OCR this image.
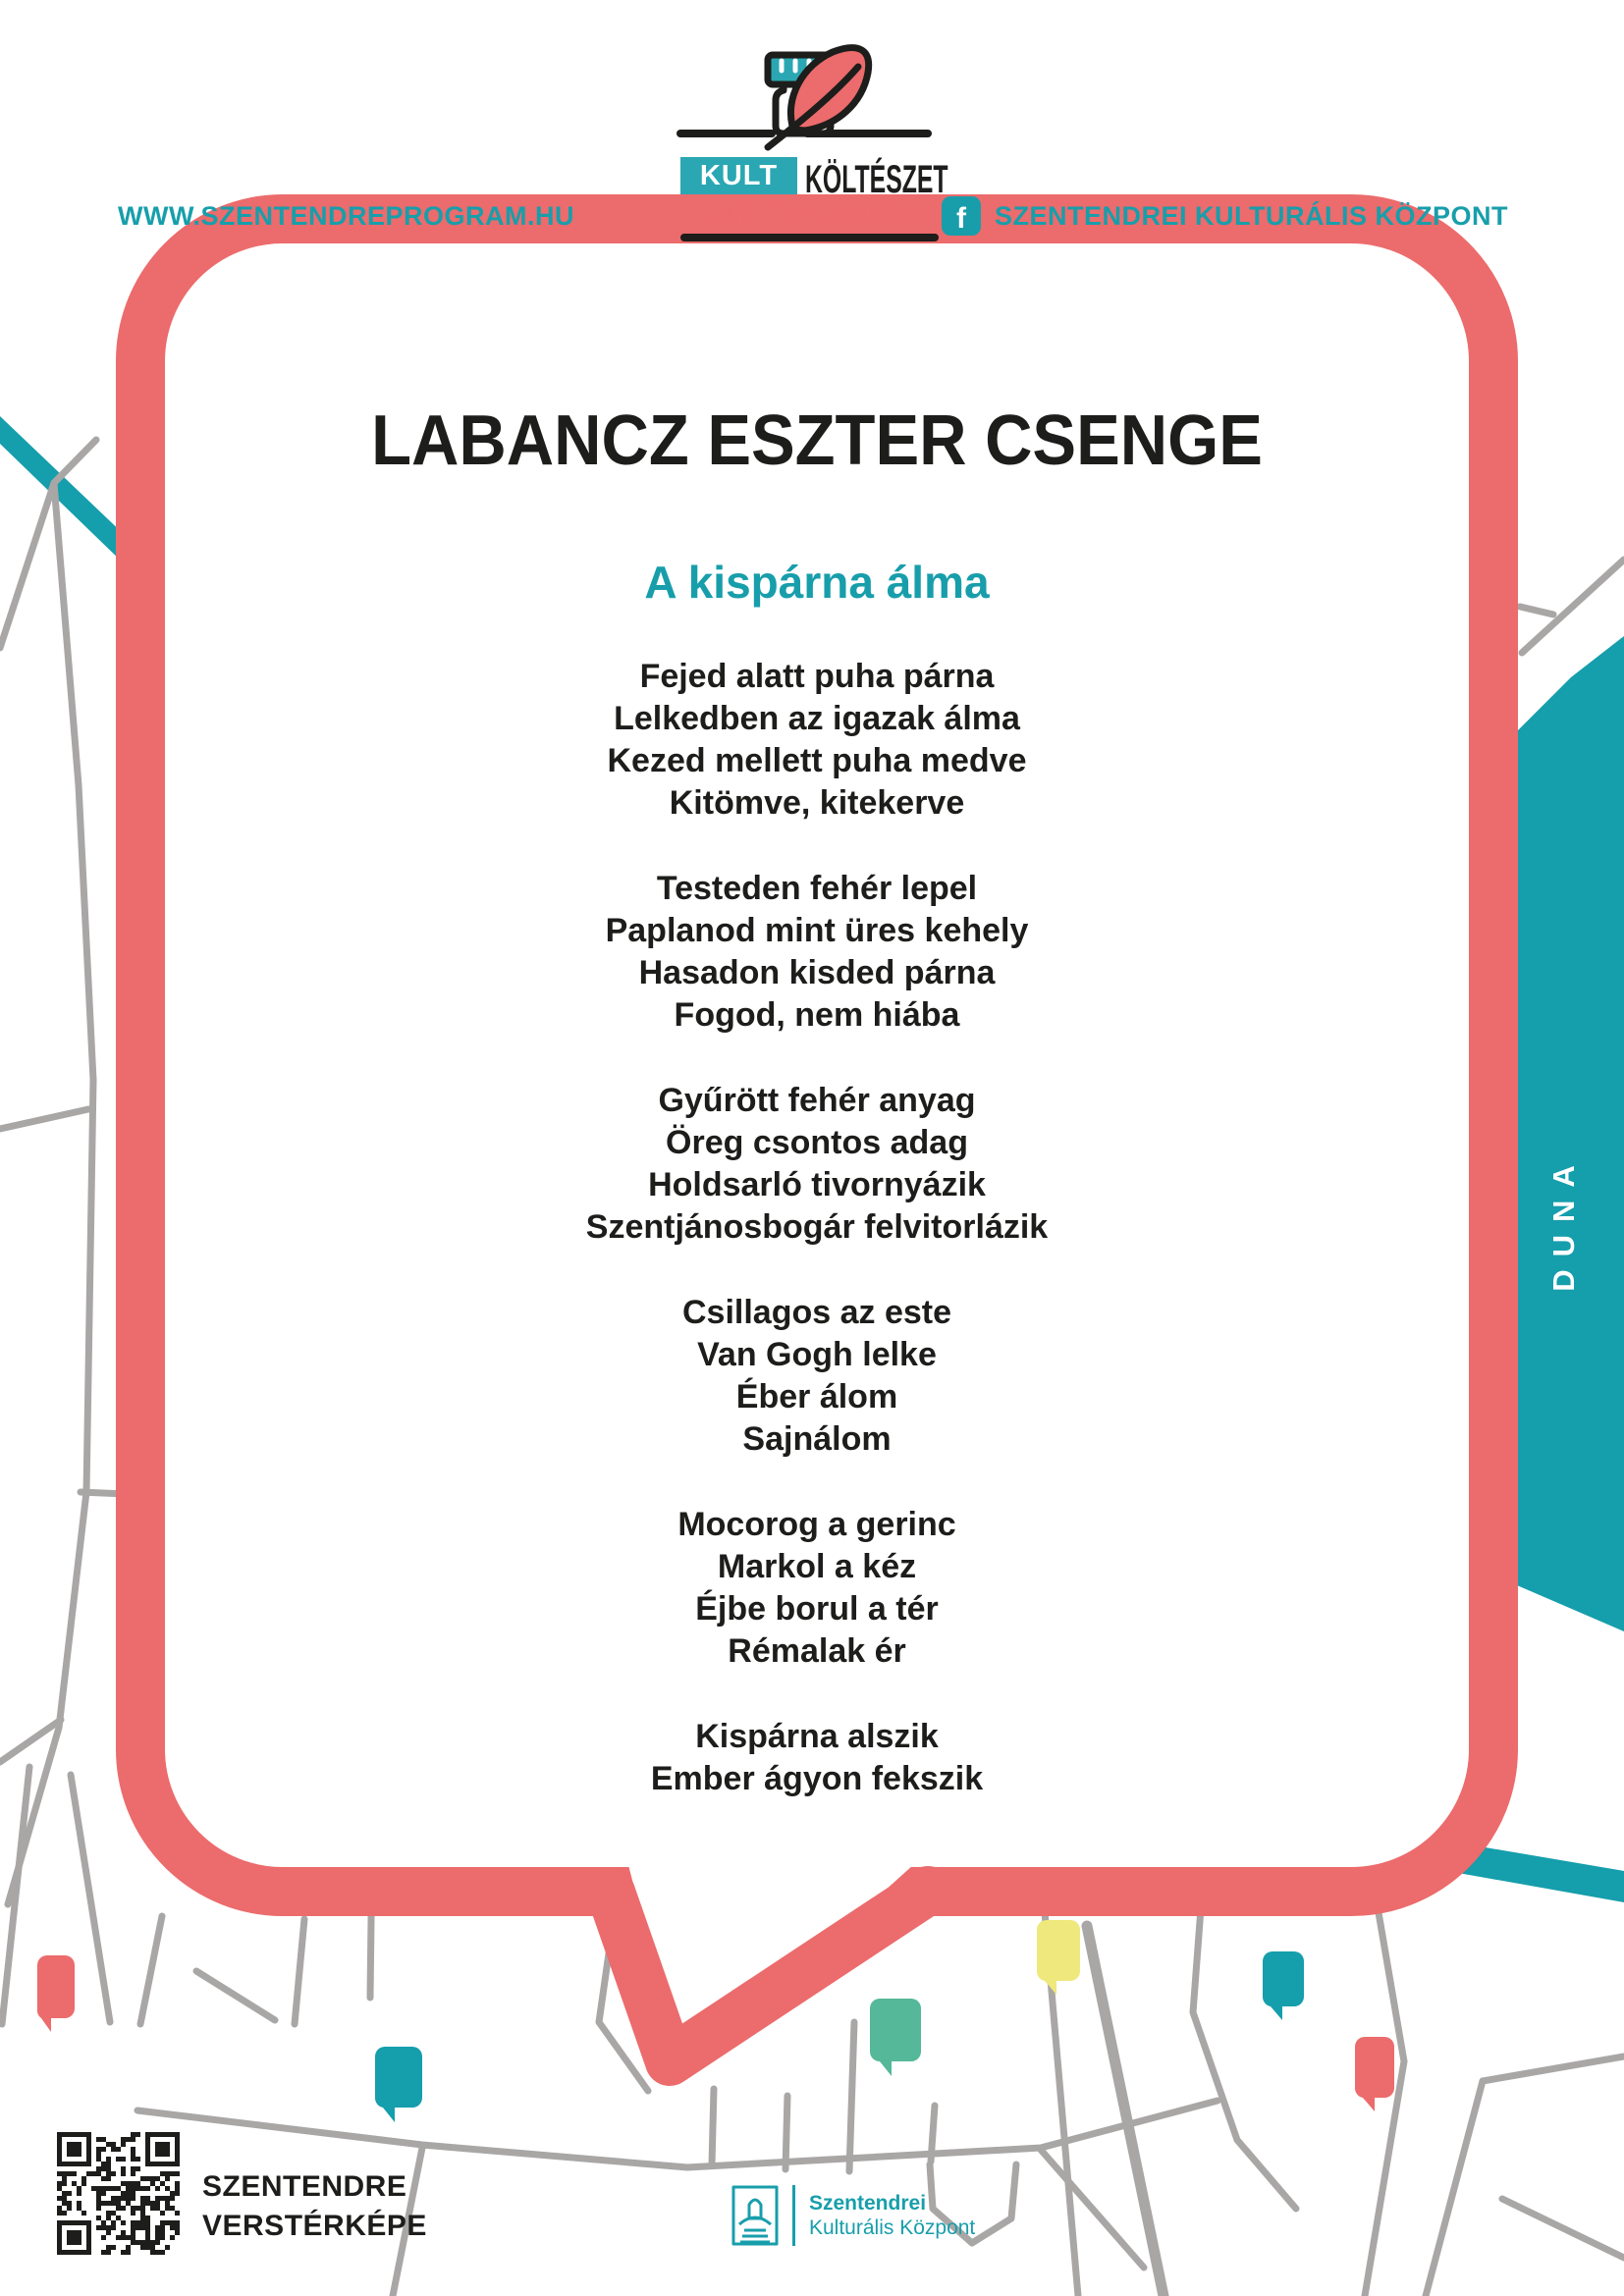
WWW.SZENTENDREPROGRAM.HU	f	SZENTENDREI KULTURÁLIS KÖZPONT
KULT KÖLTÉSZET
A KÖLTŐ TE MAGAD LÉGY!
LABANCZ ESZTER CSENGE
A kispárna álma
Fejed alatt puha párna
Lelkedben az igazak álma
Kezed mellett puha medve
Kitömve, kitekerve
Testeden fehér lepel
Paplanod mint üres kehely
Hasadon kisded párna
Fogod, nem hiába
Gyűrött fehér anyag
Öreg csontos adag
Holdsarló tivornyázik
Szentjánosbogár felvitorlázik
Csillagos az este
Van Gogh lelke
Éber álom
Sajnálom
Mocorog a gerinc
Markol a kéz
Éjbe borul a tér
Rémalak ér
Kispárna alszik
Ember ágyon fekszik
DUNA
SZENTENDRE
VERSTÉRKÉPE
Szentendrei
Kulturális Központ
